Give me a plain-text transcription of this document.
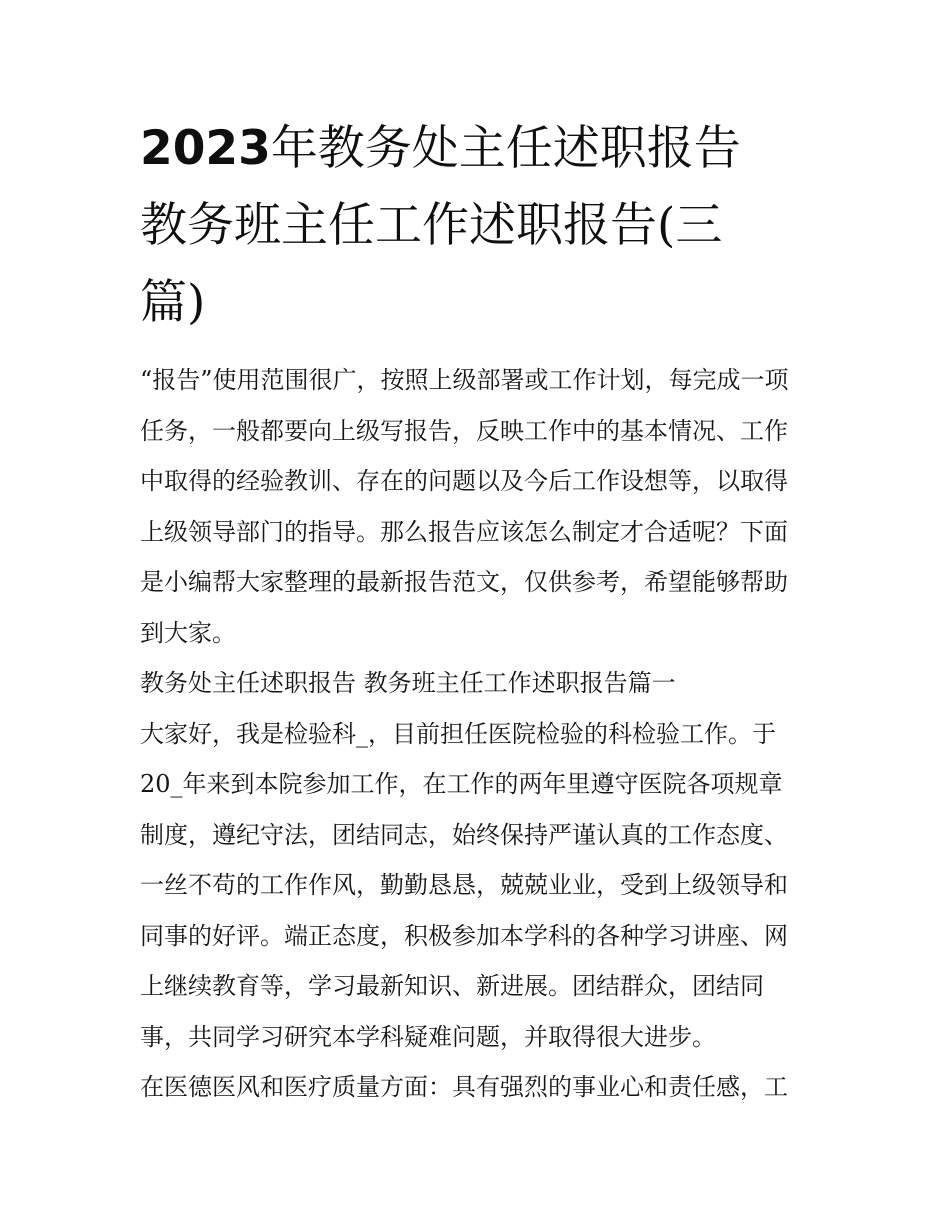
2023年教务处主任述职报告
教务班主任工作述职报告(三
篇)
“报告”使用范围很广，按照上级部署或工作计划，每完成一项
任务，一般都要向上级写报告，反映工作中的基本情况、工作
中取得的经验教训、存在的问题以及今后工作设想等，以取得
上级领导部门的指导。那么报告应该怎么制定才合适呢？下面
是小编帮大家整理的最新报告范文，仅供参考，希望能够帮助
到大家。
教务处主任述职报告 教务班主任工作述职报告篇一
大家好，我是检验科_，目前担任医院检验的科检验工作。于
20_年来到本院参加工作，在工作的两年里遵守医院各项规章
制度，遵纪守法，团结同志，始终保持严谨认真的工作态度、
一丝不苟的工作作风，勤勤恳恳，兢兢业业，受到上级领导和
同事的好评。端正态度，积极参加本学科的各种学习讲座、网
上继续教育等，学习最新知识、新进展。团结群众，团结同
事，共同学习研究本学科疑难问题，并取得很大进步。
在医德医风和医疗质量方面：具有强烈的事业心和责任感，工
